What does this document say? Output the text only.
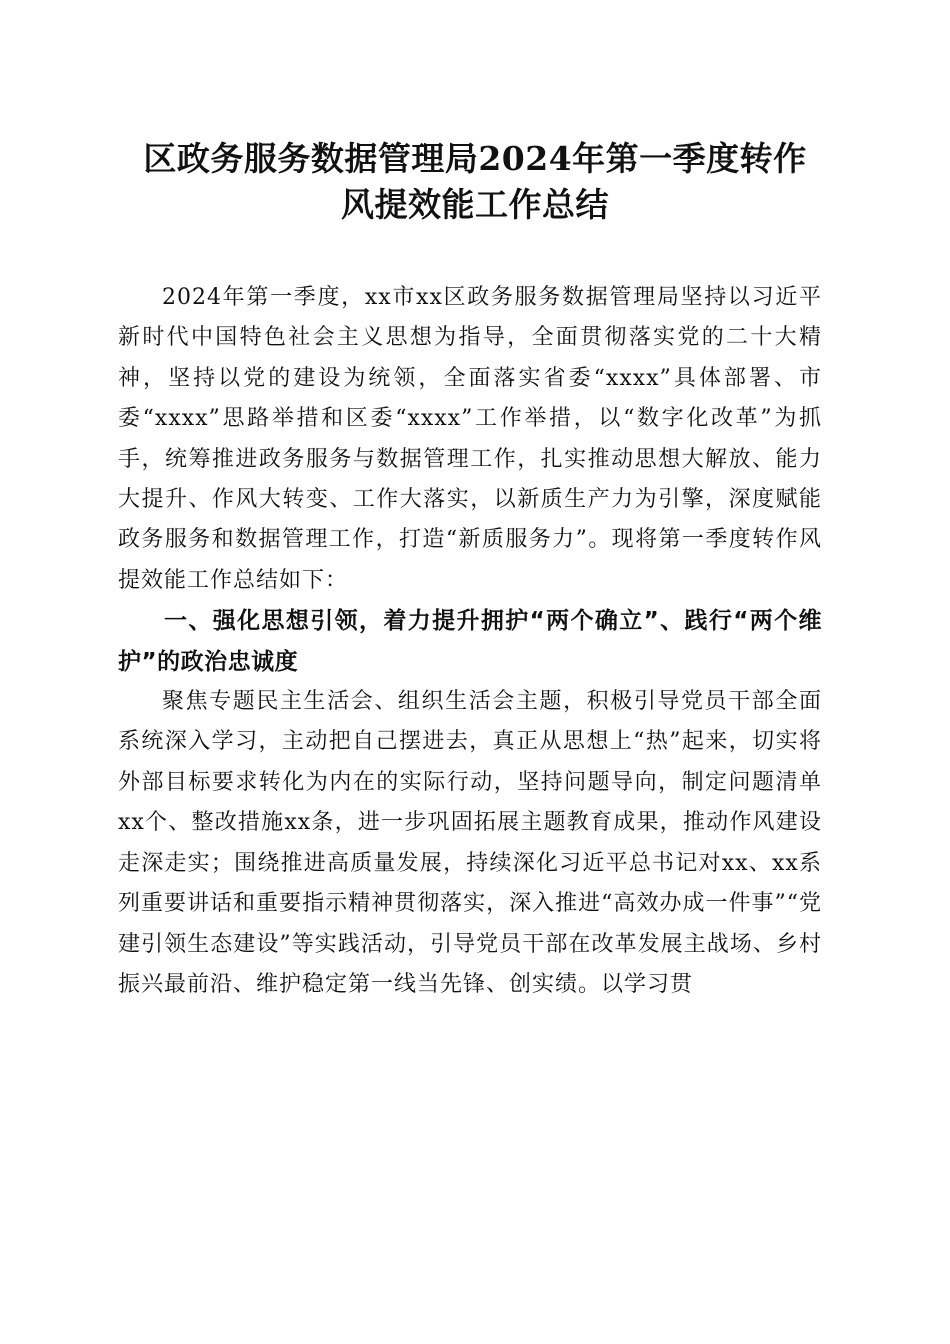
区政务服务数据管理局2024年第一季度转作
风提效能工作总结

2024年第一季度，xx市xx区政务服务数据管理局坚持以习近平新时代中国特色社会主义思想为指导，全面贯彻落实党的二十大精神，坚持以党的建设为统领，全面落实省委“xxxx”具体部署、市委“xxxx”思路举措和区委“xxxx”工作举措，以“数字化改革”为抓手，统筹推进政务服务与数据管理工作，扎实推动思想大解放、能力大提升、作风大转变、工作大落实，以新质生产力为引擎，深度赋能政务服务和数据管理工作，打造“新质服务力”。现将第一季度转作风提效能工作总结如下：

一、强化思想引领，着力提升拥护“两个确立”、践行“两个维护”的政治忠诚度

聚焦专题民主生活会、组织生活会主题，积极引导党员干部全面系统深入学习，主动把自己摆进去，真正从思想上“热”起来，切实将外部目标要求转化为内在的实际行动，坚持问题导向，制定问题清单xx个、整改措施xx条，进一步巩固拓展主题教育成果，推动作风建设走深走实；围绕推进高质量发展，持续深化习近平总书记对xx、xx系列重要讲话和重要指示精神贯彻落实，深入推进“高效办成一件事”“党建引领生态建设”等实践活动，引导党员干部在改革发展主战场、乡村振兴最前沿、维护稳定第一线当先锋、创实绩。以学习贯
